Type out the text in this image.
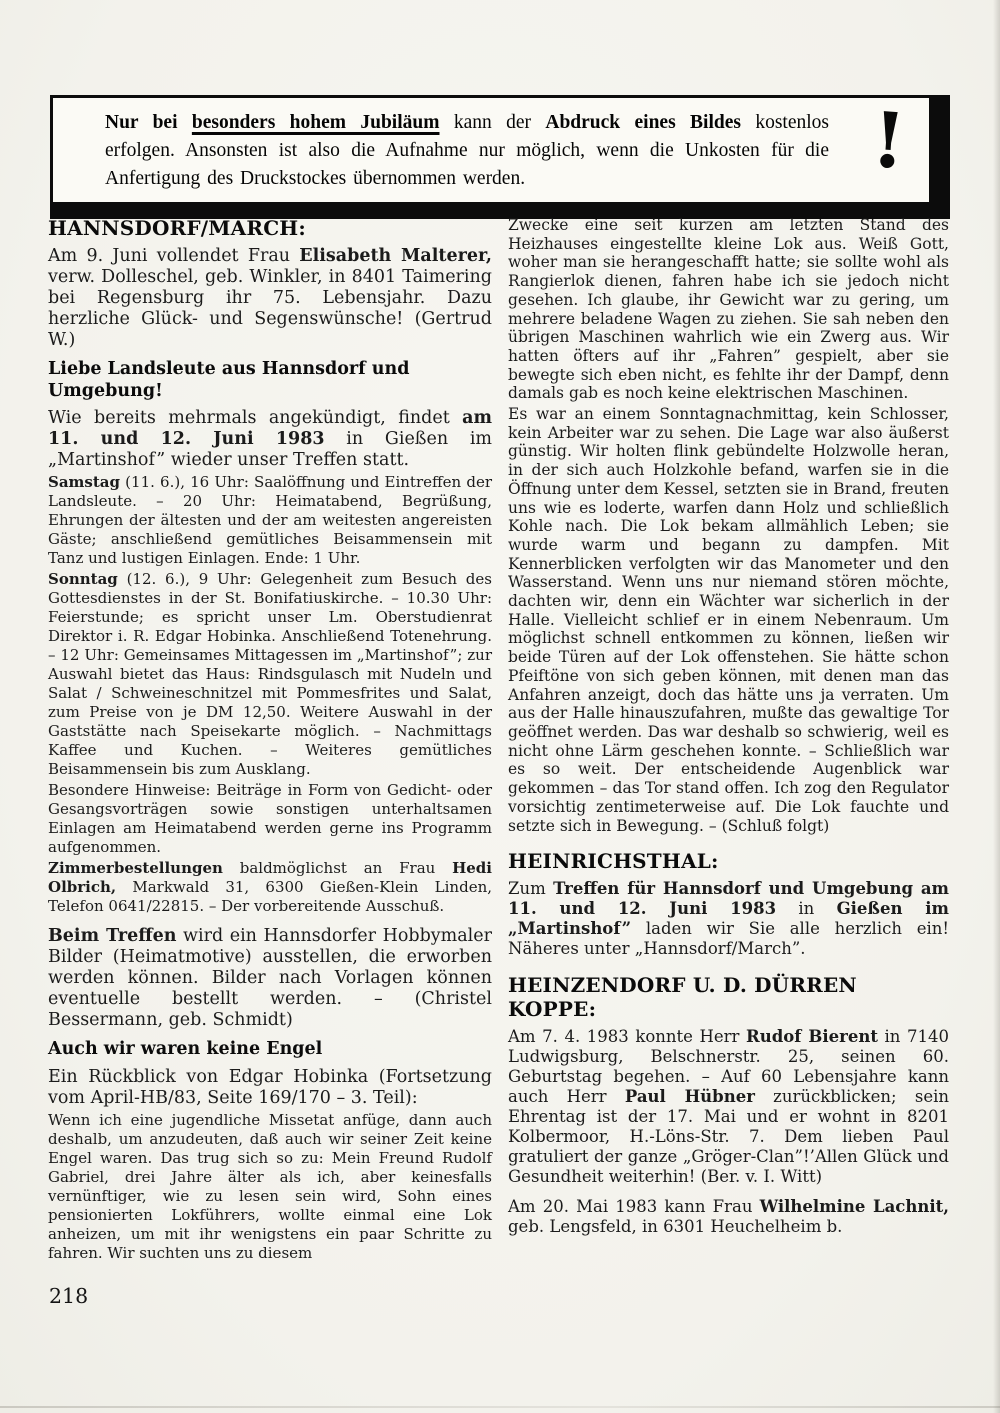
Nur bei besonders hohem Jubiläum kann der Abdruck eines Bildes kostenlos erfolgen. Ansonsten ist also die Aufnahme nur möglich, wenn die Unkosten für die Anfertigung des Druckstockes übernommen werden.	!
HANNSDORF/MARCH:

Am 9. Juni vollendet Frau Elisabeth Malterer, verw. Dolleschel, geb. Winkler, in 8401 Taimering bei Regensburg ihr 75. Lebensjahr. Dazu herzliche Glück- und Segenswünsche! (Gertrud W.)

Liebe Landsleute aus Hannsdorf und Umgebung!

Wie bereits mehrmals angekündigt, findet am 11. und 12. Juni 1983 in Gießen im „Martinshof” wieder unser Treffen statt.

Samstag (11. 6.), 16 Uhr: Saalöffnung und Eintreffen der Landsleute. – 20 Uhr: Heimatabend, Begrüßung, Ehrungen der ältesten und der am weitesten angereisten Gäste; anschließend gemütliches Beisammensein mit Tanz und lustigen Einlagen. Ende: 1 Uhr.

Sonntag (12. 6.), 9 Uhr: Gelegenheit zum Besuch des Gottesdienstes in der St. Bonifatiuskirche. – 10.30 Uhr: Feierstunde; es spricht unser Lm. Oberstudienrat Direktor i. R. Edgar Hobinka. Anschließend Totenehrung. – 12 Uhr: Gemeinsames Mittagessen im „Martinshof”; zur Auswahl bietet das Haus: Rindsgulasch mit Nudeln und Salat / Schweineschnitzel mit Pommesfrites und Salat, zum Preise von je DM 12,50. Weitere Auswahl in der Gaststätte nach Speisekarte möglich. – Nachmittags Kaffee und Kuchen. – Weiteres gemütliches Beisammensein bis zum Ausklang.

Besondere Hinweise: Beiträge in Form von Gedicht- oder Gesangsvorträgen sowie sonstigen unterhaltsamen Einlagen am Heimatabend werden gerne ins Programm aufgenommen.

Zimmerbestellungen baldmöglichst an Frau Hedi Olbrich, Markwald 31, 6300 Gießen-Klein Linden, Telefon 0641/22815. – Der vorbereitende Ausschuß.

Beim Treffen wird ein Hannsdorfer Hobbymaler Bilder (Heimatmotive) ausstellen, die erworben werden können. Bilder nach Vorlagen können eventuelle bestellt werden. – (Christel Bessermann, geb. Schmidt)

Auch wir waren keine Engel

Ein Rückblick von Edgar Hobinka (Fortsetzung vom April-HB/83, Seite 169/170 – 3. Teil):

Wenn ich eine jugendliche Missetat anfüge, dann auch deshalb, um anzudeuten, daß auch wir seiner Zeit keine Engel waren. Das trug sich so zu: Mein Freund Rudolf Gabriel, drei Jahre älter als ich, aber keinesfalls vernünftiger, wie zu lesen sein wird, Sohn eines pensionierten Lokführers, wollte einmal eine Lok anheizen, um mit ihr wenigstens ein paar Schritte zu fahren. Wir suchten uns zu diesem

Zwecke eine seit kurzen am letzten Stand des Heizhauses eingestellte kleine Lok aus. Weiß Gott, woher man sie herangeschafft hatte; sie sollte wohl als Rangierlok dienen, fahren habe ich sie jedoch nicht gesehen. Ich glaube, ihr Gewicht war zu gering, um mehrere beladene Wagen zu ziehen. Sie sah neben den übrigen Maschinen wahrlich wie ein Zwerg aus. Wir hatten öfters auf ihr „Fahren” gespielt, aber sie bewegte sich eben nicht, es fehlte ihr der Dampf, denn damals gab es noch keine elektrischen Maschinen.

Es war an einem Sonntagnachmittag, kein Schlosser, kein Arbeiter war zu sehen. Die Lage war also äußerst günstig. Wir holten flink gebündelte Holzwolle heran, in der sich auch Holzkohle befand, warfen sie in die Öffnung unter dem Kessel, setzten sie in Brand, freuten uns wie es loderte, warfen dann Holz und schließlich Kohle nach. Die Lok bekam allmählich Leben; sie wurde warm und begann zu dampfen. Mit Kennerblicken verfolgten wir das Manometer und den Wasserstand. Wenn uns nur niemand stören möchte, dachten wir, denn ein Wächter war sicherlich in der Halle. Vielleicht schlief er in einem Nebenraum. Um möglichst schnell entkommen zu können, ließen wir beide Türen auf der Lok offenstehen. Sie hätte schon Pfeiftöne von sich geben können, mit denen man das Anfahren anzeigt, doch das hätte uns ja verraten. Um aus der Halle hinauszufahren, mußte das gewaltige Tor geöffnet werden. Das war deshalb so schwierig, weil es nicht ohne Lärm geschehen konnte. – Schließlich war es so weit. Der entscheidende Augenblick war gekommen – das Tor stand offen. Ich zog den Regulator vorsichtig zentimeterweise auf. Die Lok fauchte und setzte sich in Bewegung. – (Schluß folgt)

HEINRICHSTHAL:

Zum Treffen für Hannsdorf und Umgebung am 11. und 12. Juni 1983 in Gießen im „Martinshof” laden wir Sie alle herzlich ein! Näheres unter „Hannsdorf/March”.

HEINZENDORF U. D. DÜRREN KOPPE:

Am 7. 4. 1983 konnte Herr Rudof Bierent in 7140 Ludwigsburg, Belschnerstr. 25, seinen 60. Geburtstag begehen. – Auf 60 Lebensjahre kann auch Herr Paul Hübner zurückblicken; sein Ehrentag ist der 17. Mai und er wohnt in 8201 Kolbermoor, H.-Löns-Str. 7. Dem lieben Paul gratuliert der ganze „Gröger-Clan”!’Allen Glück und Gesundheit weiterhin! (Ber. v. I. Witt)

Am 20. Mai 1983 kann Frau Wilhelmine Lachnit, geb. Lengsfeld, in 6301 Heuchelheim b.

218
